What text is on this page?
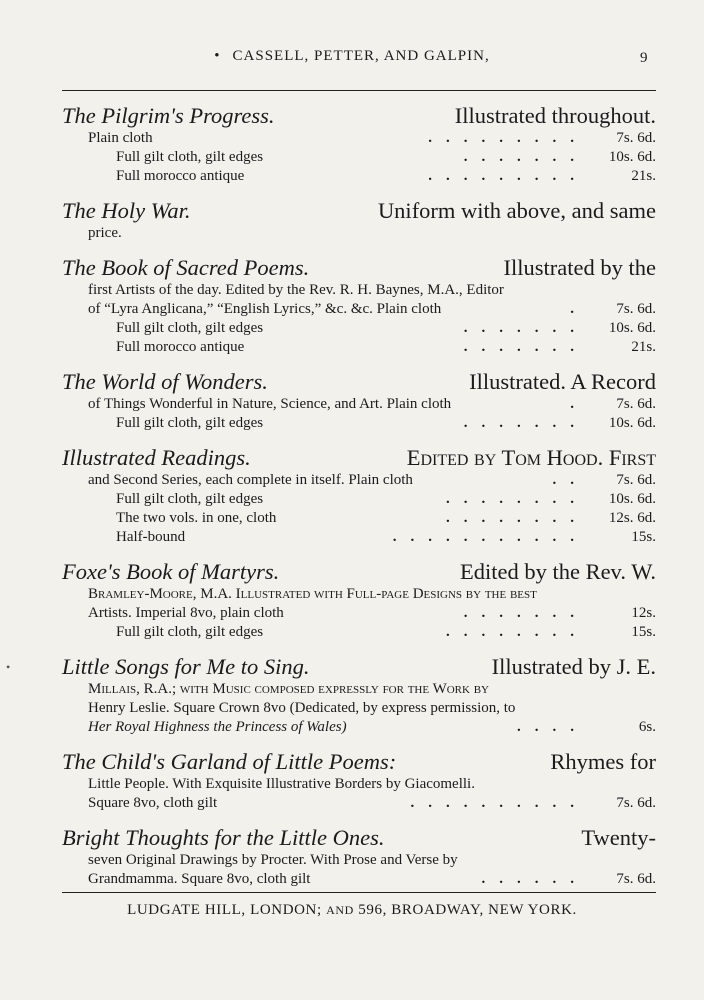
• CASSELL, PETTER, AND GALPIN,	9
The Pilgrim's Progress.	Illustrated throughout.
Plain cloth	.........	7s. 6d.
Full gilt cloth, gilt edges	.......	10s. 6d.
Full morocco antique	.........	21s.
The Holy War.	Uniform with above, and same
price.
The Book of Sacred Poems.	Illustrated by the
first Artists of the day. Edited by the Rev. R. H. Baynes, M.A., Editor
of “Lyra Anglicana,” “English Lyrics,” &c. &c. Plain cloth	.	7s. 6d.
Full gilt cloth, gilt edges	.......	10s. 6d.
Full morocco antique	.......	21s.
The World of Wonders.	Illustrated. A Record
of Things Wonderful in Nature, Science, and Art. Plain cloth	.	7s. 6d.
Full gilt cloth, gilt edges	.......	10s. 6d.
Illustrated Readings.	Edited by Tom Hood. First
and Second Series, each complete in itself. Plain cloth	..	7s. 6d.
Full gilt cloth, gilt edges	........	10s. 6d.
The two vols. in one, cloth	........	12s. 6d.
Half-bound	...........	15s.
Foxe's Book of Martyrs.	Edited by the Rev. W.
Bramley-Moore, M.A. Illustrated with Full-page Designs by the best
Artists. Imperial 8vo, plain cloth	.......	12s.
Full gilt cloth, gilt edges	........	15s.
Little Songs for Me to Sing.	Illustrated by J. E.
Millais, R.A.; with Music composed expressly for the Work by
Henry Leslie. Square Crown 8vo (Dedicated, by express permission, to
Her Royal Highness the Princess of Wales)	....	6s.
The Child's Garland of Little Poems:	Rhymes for
Little People. With Exquisite Illustrative Borders by Giacomelli.
Square 8vo, cloth gilt	..........	7s. 6d.
Bright Thoughts for the Little Ones.	Twenty-
seven Original Drawings by Procter. With Prose and Verse by
Grandmamma. Square 8vo, cloth gilt	......	7s. 6d.
LUDGATE HILL, LONDON; AND 596, BROADWAY, NEW YORK.
•
